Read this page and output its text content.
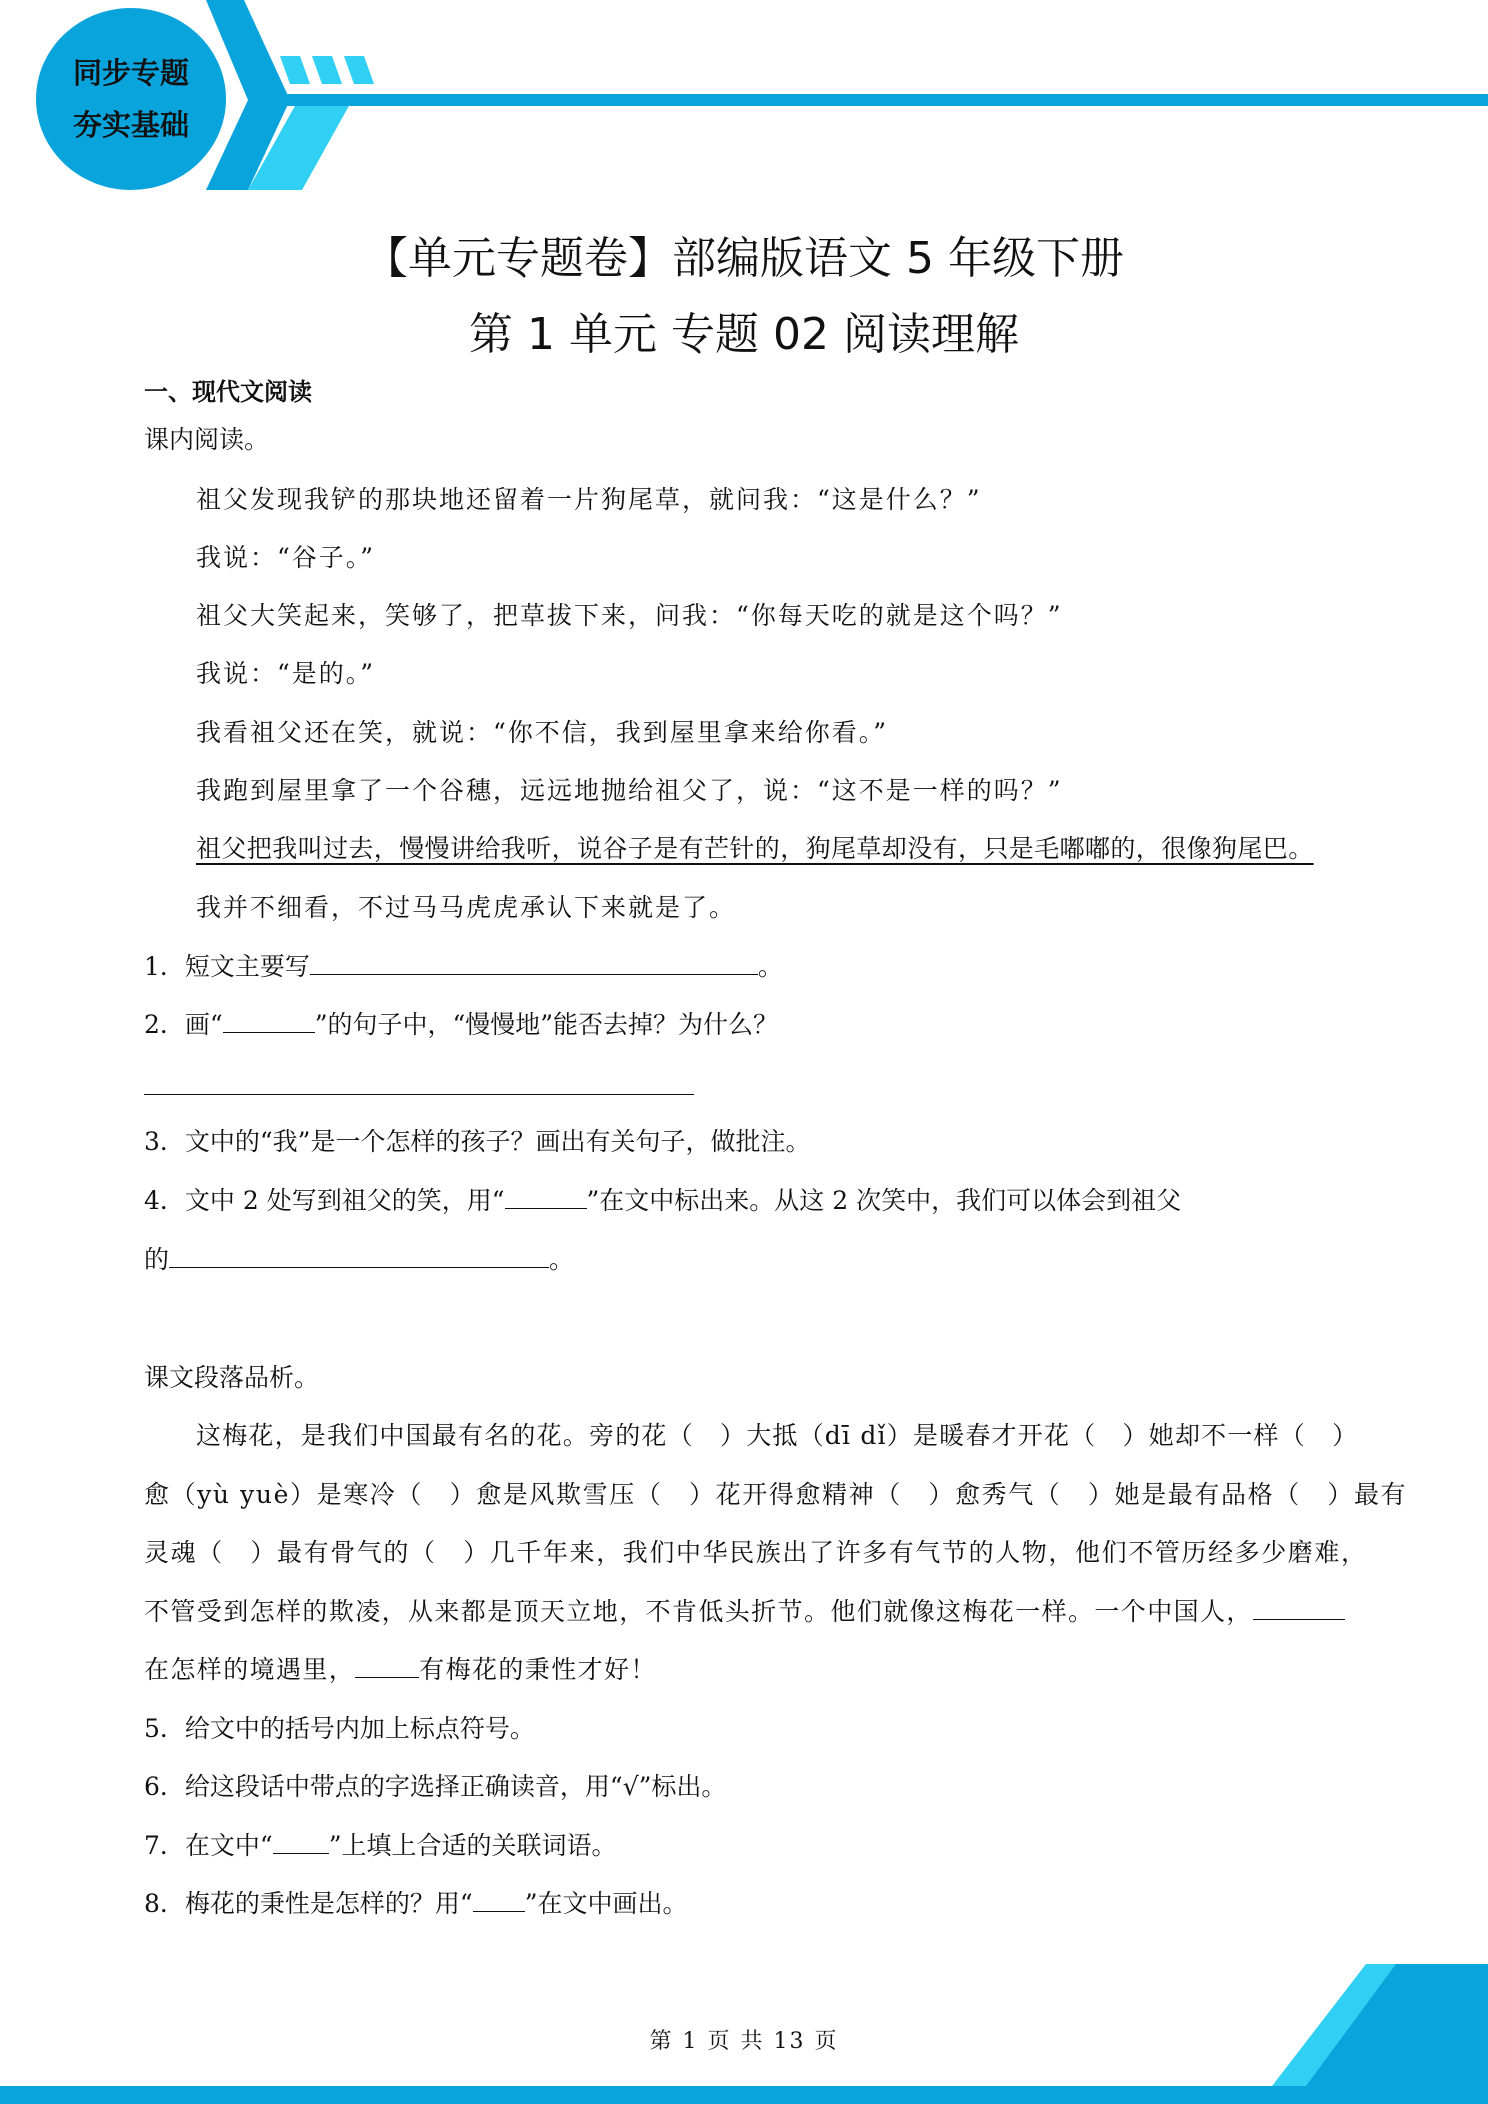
同步专题
夯实基础
【单元专题卷】部编版语文 5 年级下册
第 1 单元 专题 02 阅读理解
一、现代文阅读
课内阅读。
祖父发现我铲的那块地还留着一片狗尾草，就问我：“这是什么？”
我说：“谷子。”
祖父大笑起来，笑够了，把草拔下来，问我：“你每天吃的就是这个吗？”
我说：“是的。”
我看祖父还在笑，就说：“你不信，我到屋里拿来给你看。”
我跑到屋里拿了一个谷穗，远远地抛给祖父了，说：“这不是一样的吗？”
祖父把我叫过去，慢慢讲给我听，说谷子是有芒针的，狗尾草却没有，只是毛嘟嘟的，很像狗尾巴。
我并不细看，不过马马虎虎承认下来就是了。
1．短文主要写	。
2．画“	”的句子中，“慢慢地”能否去掉？为什么？
3．文中的“我”是一个怎样的孩子？画出有关句子，做批注。
4．文中 2 处写到祖父的笑，用“	”在文中标出来。从这 2 次笑中，我们可以体会到祖父
的	。
课文段落品析。
这梅花，是我们中国最有名的花。旁的花（　）大抵（dī dǐ）是暖春才开花（　）她却不一样（　）
愈（yù yuè）是寒冷（　）愈是风欺雪压（　）花开得愈精神（　）愈秀气（　）她是最有品格（　）最有
灵魂（　）最有骨气的（　）几千年来，我们中华民族出了许多有气节的人物，他们不管历经多少磨难，
不管受到怎样的欺凌，从来都是顶天立地，不肯低头折节。他们就像这梅花一样。一个中国人，
在怎样的境遇里，	有梅花的秉性才好！
5．给文中的括号内加上标点符号。
6．给这段话中带点的字选择正确读音，用“√”标出。
7．在文中“ ”上填上合适的关联词语。
8．梅花的秉性是怎样的？用“ ”在文中画出。
第 1 页 共 13 页
